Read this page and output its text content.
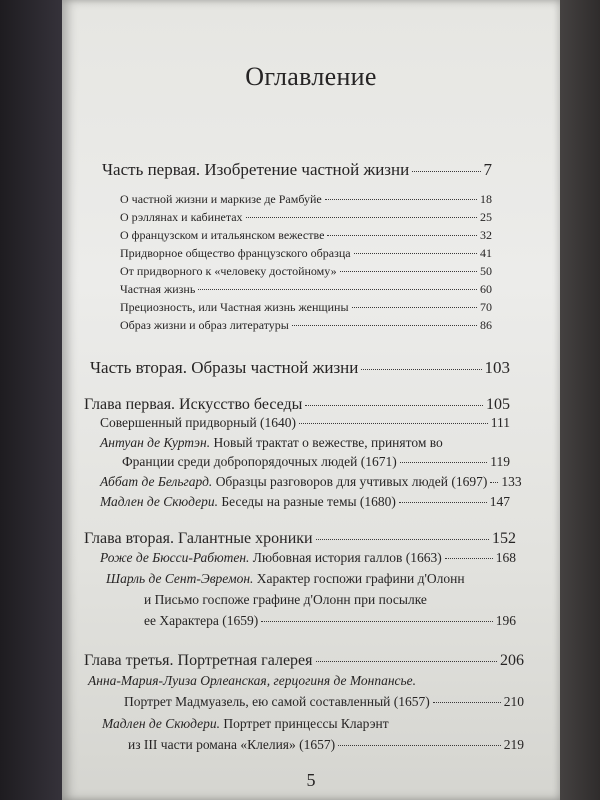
Оглавление
Часть первая. Изобретение частной жизни	7
О частной жизни и маркизе де Рамбуйе	18
О рэллянах и кабинетах	25
О французском и итальянском вежестве	32
Придворное общество французского образца	41
От придворного к «человеку достойному»	50
Частная жизнь	60
Прециозность, или Частная жизнь женщины	70
Образ жизни и образ литературы	86
Часть вторая. Образы частной жизни	103
Глава первая. Искусство беседы	105
Совершенный придворный (1640)	111
Антуан де Куртэн. Новый трактат о вежестве, принятом во
Франции среди добропорядочных людей (1671)	119
Аббат де Бельгард. Образцы разговоров для учтивых людей (1697) 133
Мадлен де Скюдери. Беседы на разные темы (1680)	147
Глава вторая. Галантные хроники	152
Роже де Бюсси-Рабютен. Любовная история галлов (1663)	168
Шарль де Сент-Эвремон. Характер госпожи графини д'Олонн
и Письмо госпоже графине д'Олонн при посылке
ее Характера (1659)	196
Глава третья. Портретная галерея	206
Анна-Мария-Луиза Орлеанская, герцогиня де Монпансье.
Портрет Мадмуазель, ею самой составленный (1657)	210
Мадлен де Скюдери. Портрет принцессы Кларэнт
из III части романа «Клелия» (1657)	219
5
